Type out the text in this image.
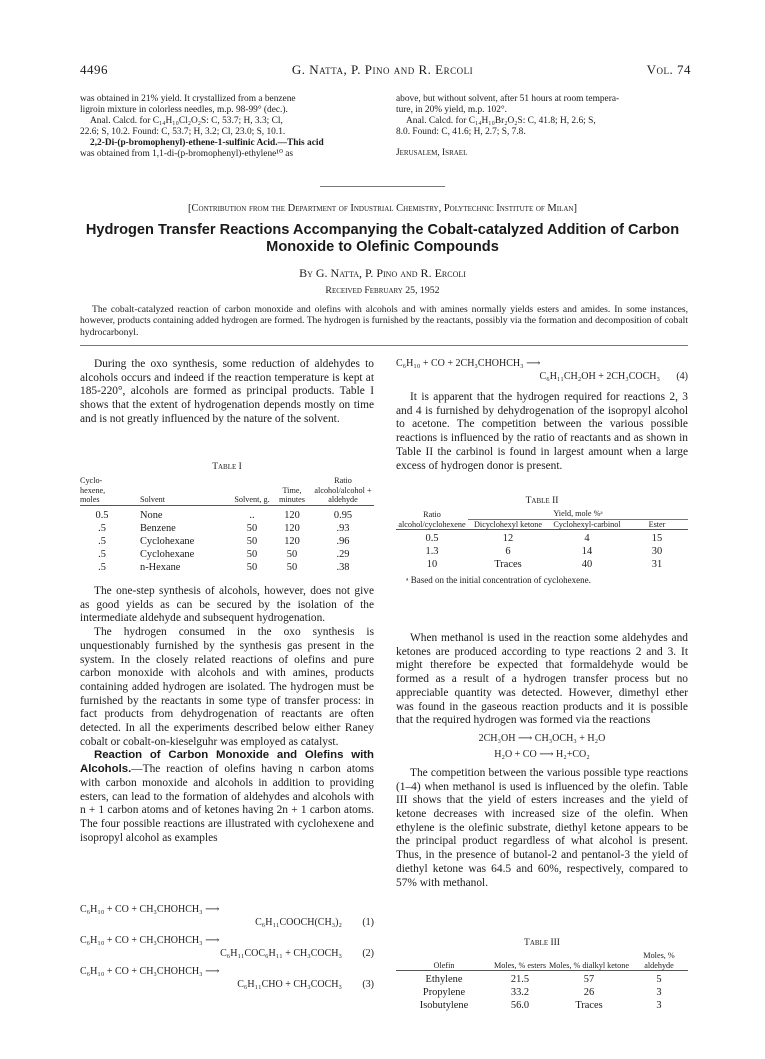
4496	G. Natta, P. Pino and R. Ercoli	Vol. 74
was obtained in 21% yield. It crystallized from a benzene
ligroin mixture in colorless needles, m.p. 98-99° (dec.).
Anal. Calcd. for C₁₄H₁₀Cl₂O₂S: C, 53.7; H, 3.3; Cl,
22.6; S, 10.2. Found: C, 53.7; H, 3.2; Cl, 23.0; S, 10.1.
2,2-Di-(p-bromophenyl)-ethene-1-sulfinic Acid.—This acid
was obtained from 1,1-di-(p-bromophenyl)-ethylene¹⁰ as
above, but without solvent, after 51 hours at room tempera-
ture, in 20% yield, m.p. 102°.
Anal. Calcd. for C₁₄H₁₀Br₂O₂S: C, 41.8; H, 2.6; S,
8.0. Found: C, 41.6; H, 2.7; S, 7.8.
Jerusalem, Israel
[Contribution from the Department of Industrial Chemistry, Polytechnic Institute of Milan]
Hydrogen Transfer Reactions Accompanying the Cobalt-catalyzed Addition of Carbon
Monoxide to Olefinic Compounds
By G. Natta, P. Pino and R. Ercoli
Received February 25, 1952
The cobalt-catalyzed reaction of carbon monoxide and olefins with alcohols and with amines normally yields esters and amides. In some instances, however, products containing added hydrogen are formed. The hydrogen is furnished by the reactants, possibly via the formation and decomposition of cobalt hydrocarbonyl.

During the oxo synthesis, some reduction of aldehydes to alcohols occurs and indeed if the reaction temperature is kept at 185-220°, alcohols are formed as principal products. Table I shows that the extent of hydrogenation depends mostly on time and is not greatly influenced by the nature of the solvent.

Table I
Cyclo-hexene, moles	Solvent	Solvent, g.	Time, minutes	Ratio alcohol/alcohol + aldehyde
0.5	None	..	120	0.95
.5	Benzene	50	120	.93
.5	Cyclohexane	50	120	.96
.5	Cyclohexane	50	50	.29
.5	n-Hexane	50	50	.38

The one-step synthesis of alcohols, however, does not give as good yields as can be secured by the isolation of the intermediate aldehyde and subsequent hydrogenation.

The hydrogen consumed in the oxo synthesis is unquestionably furnished by the synthesis gas present in the system. In the closely related reactions of olefins and pure carbon monoxide with alcohols and with amines, products containing added hydrogen are isolated. The hydrogen must be furnished by the reactants in some type of transfer process: in fact products from dehydrogenation of reactants are often detected. In all the experiments described below either Raney cobalt or cobalt-on-kieselguhr was employed as catalyst.

Reaction of Carbon Monoxide and Olefins with Alcohols.—The reaction of olefins having n carbon atoms with carbon monoxide and alcohols in addition to providing esters, can lead to the formation of aldehydes and alcohols with n + 1 carbon atoms and of ketones having 2n + 1 carbon atoms. The four possible reactions are illustrated with cyclohexene and isopropyl alcohol as examples

C₆H₁₀ + CO + CH₃CHOHCH₃ ⟶
C₆H₁₁COOCH(CH₃)₂ (1)
C₆H₁₀ + CO + CH₃CHOHCH₃ ⟶
C₆H₁₁COC₆H₁₁ + CH₃COCH₃ (2)
C₆H₁₀ + CO + CH₃CHOHCH₃ ⟶
C₆H₁₁CHO + CH₃COCH₃ (3)
C₆H₁₀ + CO + 2CH₃CHOHCH₃ ⟶
C₆H₁₁CH₂OH + 2CH₃COCH₃ (4)

It is apparent that the hydrogen required for reactions 2, 3 and 4 is furnished by dehydrogenation of the isopropyl alcohol to acetone. The competition between the various possible reactions is influenced by the ratio of reactants and as shown in Table II the carbinol is found in largest amount when a large excess of hydrogen donor is present.

Table II
Ratio alcohol/cyclohexene	Yield, mole %ᵃ		
	Dicyclohexyl ketone	Cyclohexyl-carbinol	Ester
0.5	12	4	15
1.3	6	14	30
10	Traces	40	31
ᵃ Based on the initial concentration of cyclohexene.

When methanol is used in the reaction some aldehydes and ketones are produced according to type reactions 2 and 3. It might therefore be expected that formaldehyde would be formed as a result of a hydrogen transfer process but no appreciable quantity was detected. However, dimethyl ether was found in the gaseous reaction products and it is possible that the required hydrogen was formed via the reactions

2CH₃OH ⟶ CH₃OCH₃ + H₂O
H₂O + CO ⟶ H₂+CO₂

The competition between the various possible type reactions (1–4) when methanol is used is influenced by the olefin. Table III shows that the yield of esters increases and the yield of ketone decreases with increased size of the olefin. When ethylene is the olefinic substrate, diethyl ketone appears to be the principal product regardless of what alcohol is present. Thus, in the presence of butanol-2 and pentanol-3 the yield of diethyl ketone was 64.5 and 60%, respectively, compared to 57% with methanol.

Table III
Olefin	Moles, % esters	Moles, % dialkyl ketone	Moles, % aldehyde
Ethylene	21.5	57	5
Propylene	33.2	26	3
Isobutylene	56.0	Traces	3
